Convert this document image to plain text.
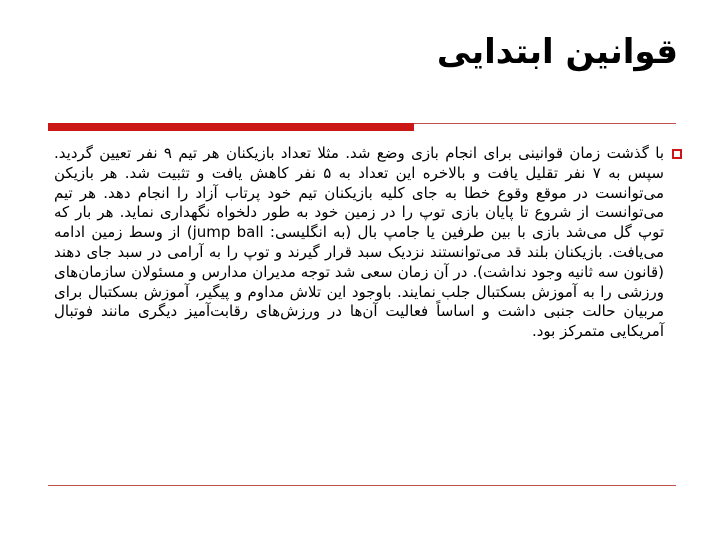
قوانین ابتدایی
با گذشت زمان قوانینی برای انجام بازی وضع شد. مثلا تعداد بازیکنان هر تیم ۹ نفر تعیین گردید. سپس به ۷ نفر تقلیل یافت و بالاخره این تعداد به ۵ نفر کاهش یافت و تثبیت شد. هر بازیکن می‌توانست در موقع وقوع خطا به جای کلیه بازیکنان تیم خود پرتاب آزاد را انجام دهد. هر تیم می‌توانست از شروع تا پایان بازی توپ را در زمین خود به طور دلخواه نگهداری نماید. هر بار که توپ گل می‌شد بازی با بین طرفین یا جامپ بال (به انگلیسی: jump ball) از وسط زمین ادامه می‌یافت. بازیکنان بلند قد می‌توانستند نزدیک سبد قرار گیرند و توپ را به آرامی در سبد جای دهند (قانون سه ثانیه وجود نداشت). در آن زمان سعی شد توجه مدیران مدارس و مسئولان سازمان‌های ورزشی را به آموزش بسکتبال جلب نمایند. باوجود این تلاش مداوم و پیگیر، آموزش بسکتبال برای مربیان حالت جنبی داشت و اساساً فعالیت آن‌ها در ورزش‌های رقابت‌آمیز دیگری مانند فوتبال آمریکایی متمرکز بود.
